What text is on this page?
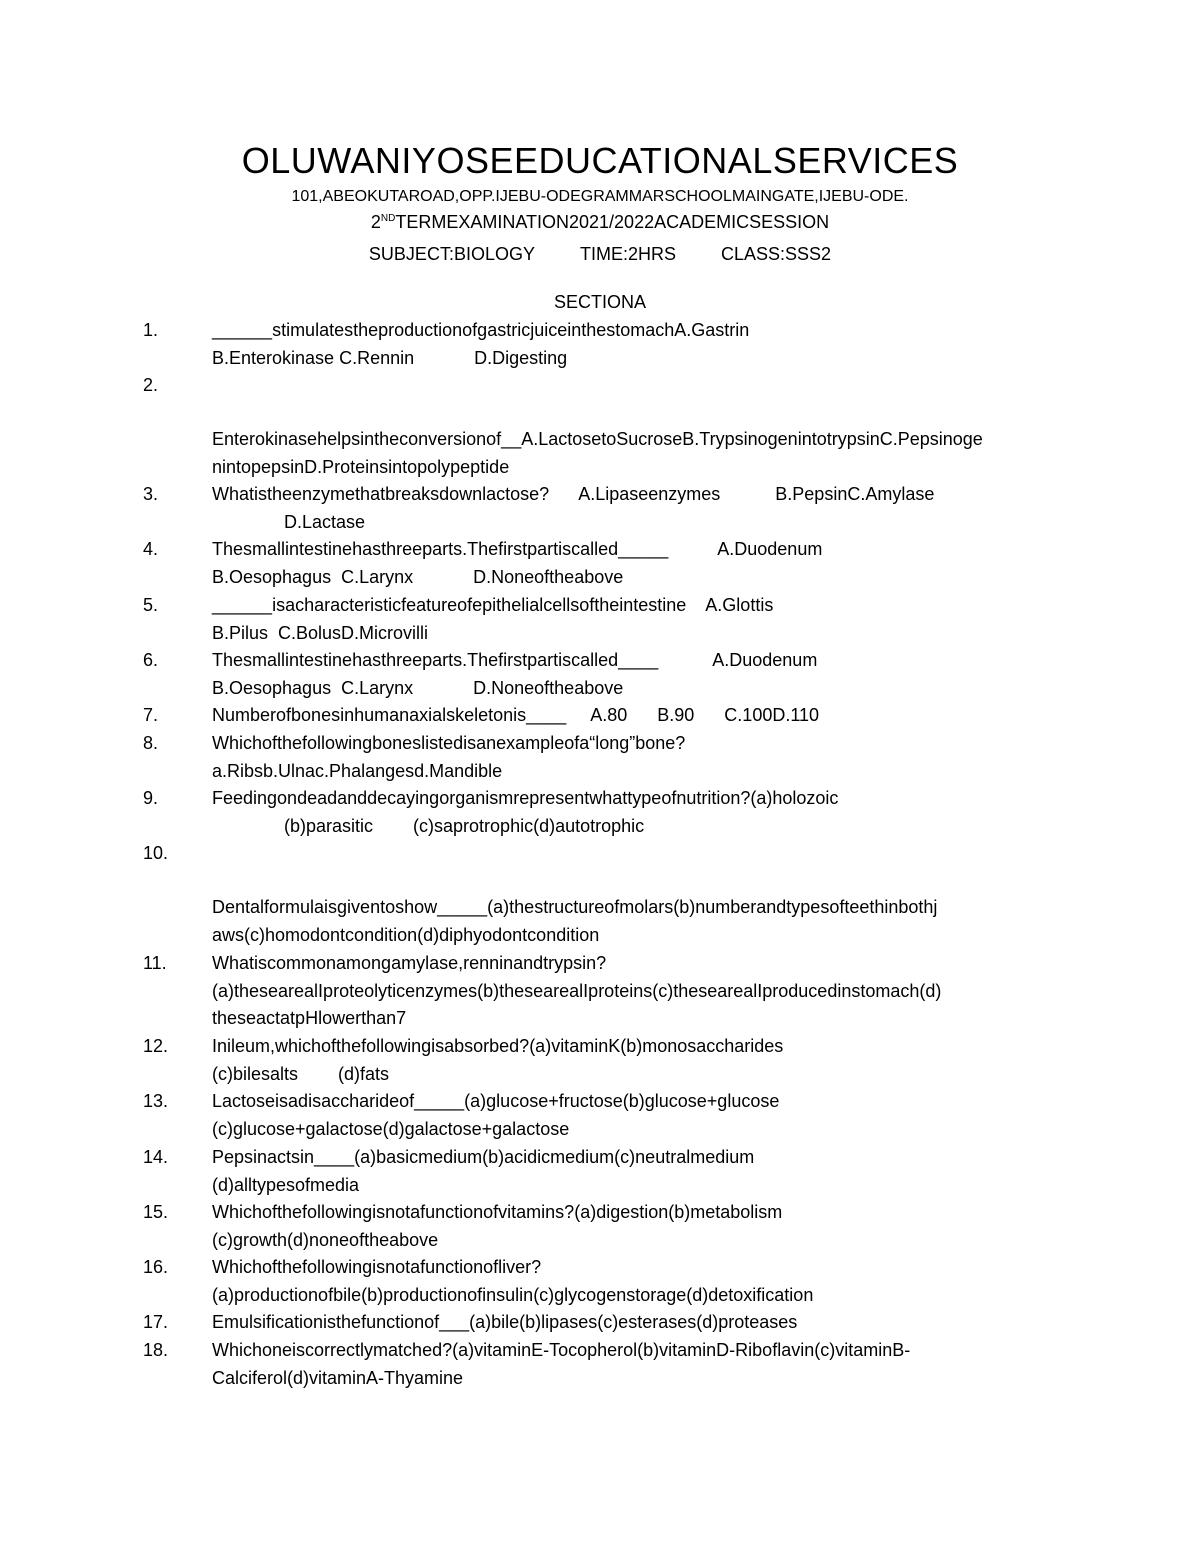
OLUWANIYOSEEDUCATIONALSERVICES
101,ABEOKUTAROAD,OPP.IJEBU-ODEGRAMMARSCHOOLMAINGATE,IJEBU-ODE.
2NDTERMEXAMINATION2021/2022ACADEMICSESSION
SUBJECT:BIOLOGY	TIME:2HRS	CLASS:SSS2
SECTIONA
1.	______stimulatestheproductionofgastricjuiceinthestomachA.Gastrin
B.Enterokinase C.Rennin            D.Digesting
2.
Enterokinasehelpsintheconversionof__A.LactosetoSucroseB.TrypsinogenintotrypsinC.Pepsinoge
nintopepsinD.Proteinsintopolypeptide
3.	Whatistheenzymethatbreaksdownlactose?      A.Lipaseenzymes           B.PepsinC.Amylase
D.Lactase
4.	Thesmallintestinehasthreeparts.Thefirstpartiscalled_____          A.Duodenum
B.Oesophagus  C.Larynx            D.Noneoftheabove
5.	______isacharacteristicfeatureofepithelialcellsoftheintestine    A.Glottis
B.Pilus  C.BolusD.Microvilli
6.	Thesmallintestinehasthreeparts.Thefirstpartiscalled____           A.Duodenum
B.Oesophagus  C.Larynx            D.Noneoftheabove
7.	Numberofbonesinhumanaxialskeletonis____     A.80      B.90      C.100D.110
8.	Whichofthefollowingboneslistedisanexampleofa“long”bone?
a.Ribsb.Ulnac.Phalangesd.Mandible
9.	Feedingondeadanddecayingorganismrepresentwhattypeofnutrition?(a)holozoic
(b)parasitic        (c)saprotrophic(d)autotrophic
10.
Dentalformulaisgiventoshow_____(a)thestructureofmolars(b)numberandtypesofteethinbothj
aws(c)homodontcondition(d)diphyodontcondition
11.	Whatiscommonamongamylase,renninandtrypsin?
(a)thesearealIproteolyticenzymes(b)thesearealIproteins(c)thesearealIproducedinstomach(d)
theseactatpHlowerthan7
12. Inileum,whichofthefollowingisabsorbed?(a)vitaminK(b)monosaccharides
(c)bilesalts        (d)fats
13. Lactoseisadisaccharideof_____(a)glucose+fructose(b)glucose+glucose
(c)glucose+galactose(d)galactose+galactose
14. Pepsinactsin____(a)basicmedium(b)acidicmedium(c)neutralmedium
(d)alltypesofmedia
15. Whichofthefollowingisnotafunctionofvitamins?(a)digestion(b)metabolism
(c)growth(d)noneoftheabove
16. Whichofthefollowingisnotafunctionofliver?
(a)productionofbile(b)productionofinsulin(c)glycogenstorage(d)detoxification
17. Emulsificationisthefunctionof___(a)bile(b)lipases(c)esterases(d)proteases
18. Whichoneiscorrectlymatched?(a)vitaminE-Tocopherol(b)vitaminD-Riboflavin(c)vitaminB-
Calciferol(d)vitaminA-Thyamine
